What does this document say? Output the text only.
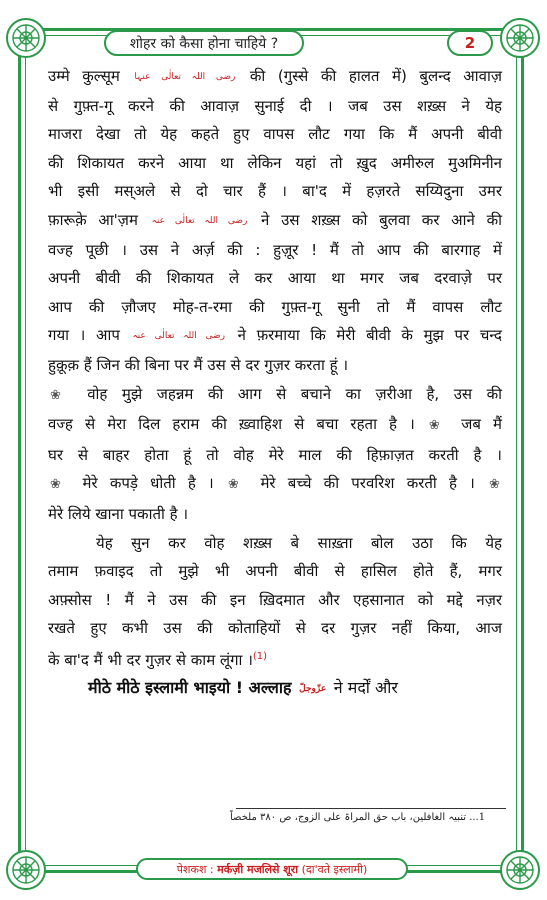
शोहर को कैसा होना चाहिये ?	2
उम्मे कुल्सूम رضی اللہ تعالٰی عنہا की (गुस्से की हालत में) बुलन्द आवाज़
से गुफ़्त-गू करने की आवाज़ सुनाई दी । जब उस शख़्स ने येह
माजरा देखा तो येह कहते हुए वापस लौट गया कि मैं अपनी बीवी
की शिकायत करने आया था लेकिन यहां तो ख़ुद अमीरुल मुअमिनीन
भी इसी मस्अले से दो चार हैं । बा'द में हज़रते सय्यिदुना उमर
फ़ारूक़े आ'ज़म رضی اللہ تعالٰی عنہ ने उस शख़्स को बुलवा कर आने की
वज्ह पूछी । उस ने अर्ज़ की : हुज़ूर ! मैं तो आप की बारगाह में
अपनी बीवी की शिकायत ले कर आया था मगर जब दरवाज़े पर
आप की ज़ौजए मोह-त-रमा की गुफ़्त-गू सुनी तो मैं वापस लौट
गया । आप رضی اللہ تعالٰی عنہ ने फ़रमाया कि मेरी बीवी के मुझ पर चन्द
हुक़ूक़ हैं जिन की बिना पर मैं उस से दर गुज़र करता हूं ।
❀ वोह मुझे जहन्नम की आग से बचाने का ज़रीआ है, उस की
वज्ह से मेरा दिल हराम की ख़्वाहिश से बचा रहता है । ❀ जब मैं
घर से बाहर होता हूं तो वोह मेरे माल की हिफ़ाज़त करती है ।
❀ मेरे कपड़े धोती है । ❀ मेरे बच्चे की परवरिश करती है । ❀
मेरे लिये खाना पकाती है ।
येह सुन कर वोह शख़्स बे साख़्ता बोल उठा कि येह
तमाम फ़वाइद तो मुझे भी अपनी बीवी से हासिल होते हैं, मगर
अफ़्सोस ! मैं ने उस की इन ख़िदमात और एहसानात को मद्दे नज़र
रखते हुए कभी उस की कोताहियों से दर गुज़र नहीं किया, आज
के बा'द मैं भी दर गुज़र से काम लूंगा ।$^{(1)}$
मीठे मीठे इस्लामी भाइयो ! अल्लाह عزّوجلّ ने मर्दों और
1... تنبیہ الغافلین، باب حق المراۃ علی الزوج، ص ۳۸۰ ملخصاً
पेशकश :
मर्कज़ी मजलिसे शूरा
(दा'वते इस्लामी)
